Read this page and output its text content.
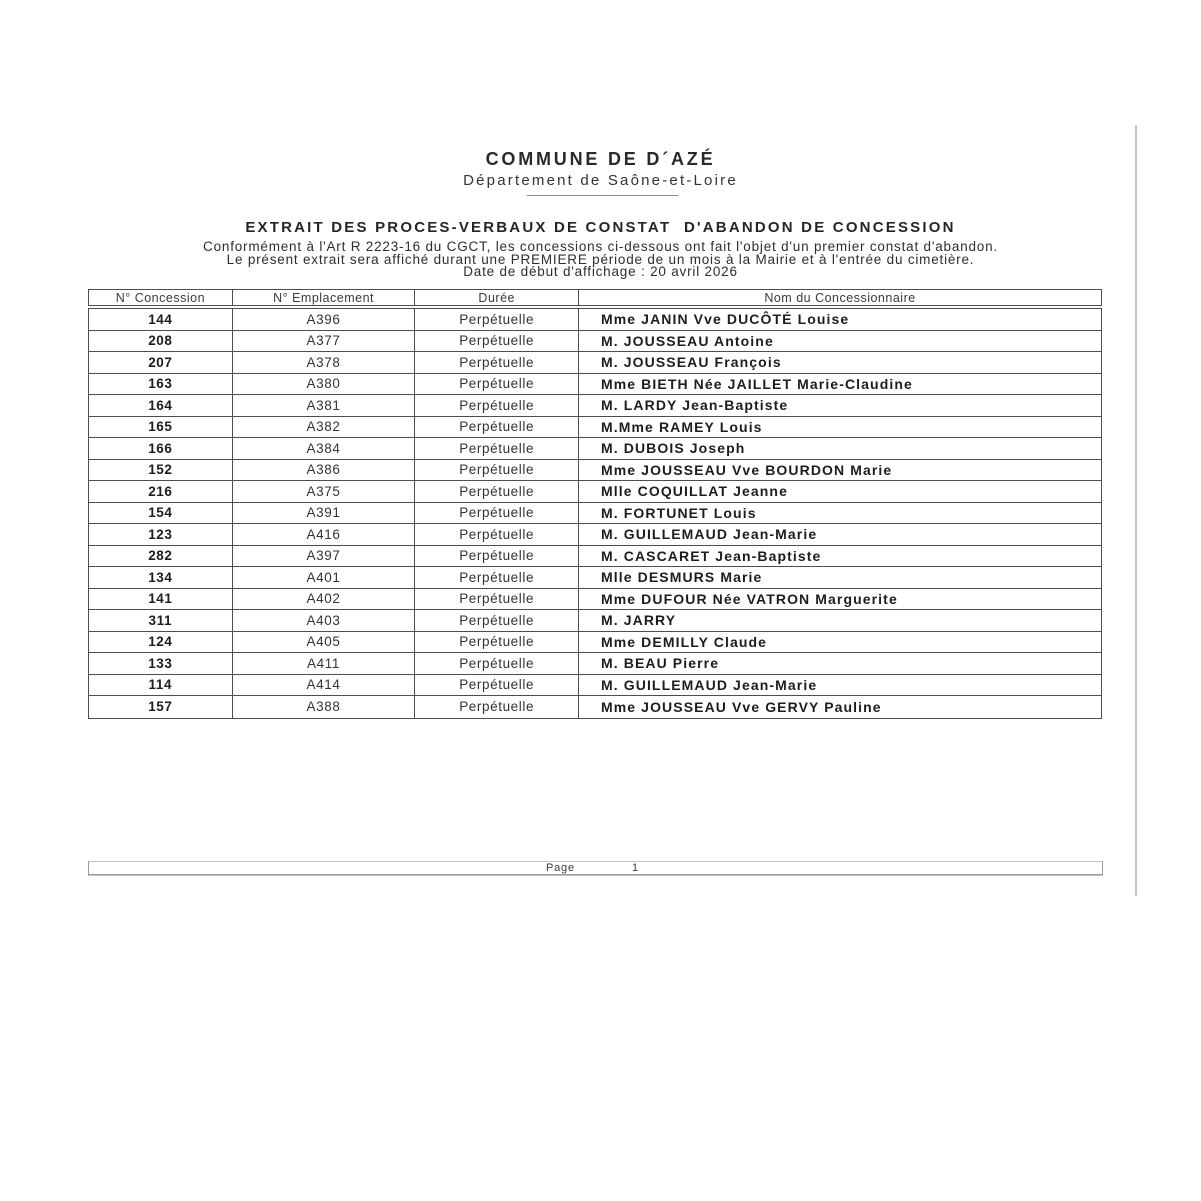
COMMUNE DE D´AZÉ
Département de Saône-et-Loire
EXTRAIT DES PROCES-VERBAUX DE CONSTAT  D'ABANDON DE CONCESSION
Conformément à l'Art R 2223-16 du CGCT, les concessions ci-dessous ont fait l'objet d'un premier constat d'abandon.
Le présent extrait sera affiché durant une PREMIERE période de un mois à la Mairie et à l'entrée du cimetière.
Date de début d'affichage : 20 avril 2026
N° Concession	N° Emplacement	Durée	Nom du Concessionnaire
144	A396	Perpétuelle	Mme JANIN Vve DUCÔTÉ Louise
208	A377	Perpétuelle	M. JOUSSEAU Antoine
207	A378	Perpétuelle	M. JOUSSEAU François
163	A380	Perpétuelle	Mme BIETH Née JAILLET Marie-Claudine
164	A381	Perpétuelle	M. LARDY Jean-Baptiste
165	A382	Perpétuelle	M.Mme RAMEY Louis
166	A384	Perpétuelle	M. DUBOIS Joseph
152	A386	Perpétuelle	Mme JOUSSEAU Vve BOURDON Marie
216	A375	Perpétuelle	Mlle COQUILLAT Jeanne
154	A391	Perpétuelle	M. FORTUNET Louis
123	A416	Perpétuelle	M. GUILLEMAUD Jean-Marie
282	A397	Perpétuelle	M. CASCARET Jean-Baptiste
134	A401	Perpétuelle	Mlle DESMURS Marie
141	A402	Perpétuelle	Mme DUFOUR Née VATRON Marguerite
311	A403	Perpétuelle	M. JARRY
124	A405	Perpétuelle	Mme DEMILLY Claude
133	A411	Perpétuelle	M. BEAU Pierre
114	A414	Perpétuelle	M. GUILLEMAUD Jean-Marie
157	A388	Perpétuelle	Mme JOUSSEAU Vve GERVY Pauline
Page	1
